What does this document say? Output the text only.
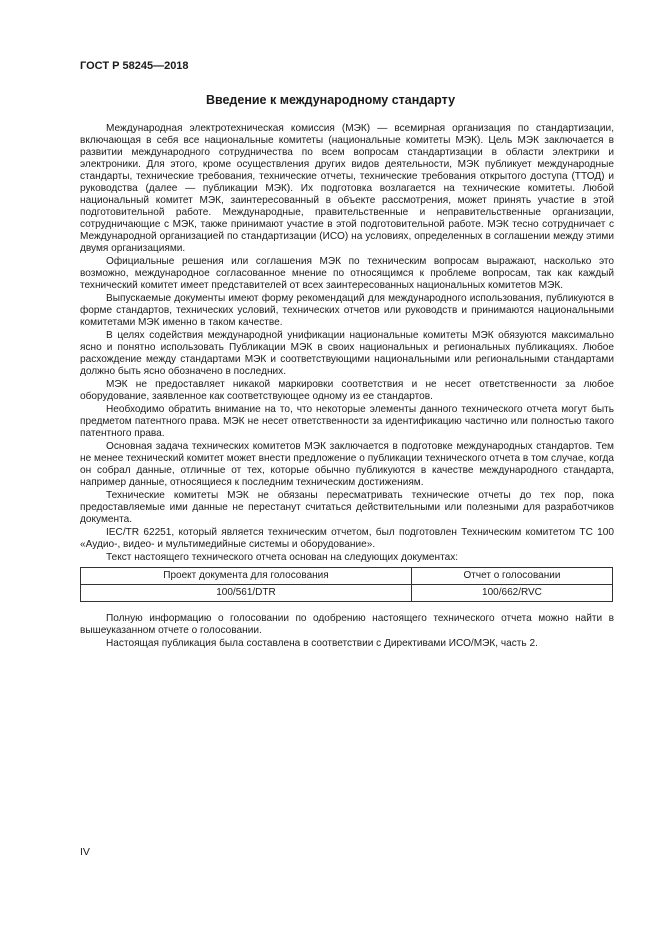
ГОСТ Р 58245—2018
Введение к международному стандарту

Международная электротехническая комиссия (МЭК) — всемирная организация по стандартизации, включающая в себя все национальные комитеты (национальные комитеты МЭК). Цель МЭК заключается в развитии международного сотрудничества по всем вопросам стандартизации в области электрики и электроники. Для этого, кроме осуществления других видов деятельности, МЭК публикует международные стандарты, технические требования, технические отчеты, технические требования открытого доступа (ТТОД) и руководства (далее — публикации МЭК). Их подготовка возлагается на технические комитеты. Любой национальный комитет МЭК, заинтересованный в объекте рассмотрения, может принять участие в этой подготовительной работе. Международные, правительственные и неправительственные организации, сотрудничающие с МЭК, также принимают участие в этой подготовительной работе. МЭК тесно сотрудничает с Международной организацией по стандартизации (ИСО) на условиях, определенных в соглашении между этими двумя организациями.

Официальные решения или соглашения МЭК по техническим вопросам выражают, насколько это возможно, международное согласованное мнение по относящимся к проблеме вопросам, так как каждый технический комитет имеет представителей от всех заинтересованных национальных комитетов МЭК.

Выпускаемые документы имеют форму рекомендаций для международного использования, публикуются в форме стандартов, технических условий, технических отчетов или руководств и принимаются национальными комитетами МЭК именно в таком качестве.

В целях содействия международной унификации национальные комитеты МЭК обязуются максимально ясно и понятно использовать Публикации МЭК в своих национальных и региональных публикациях. Любое расхождение между стандартами МЭК и соответствующими национальными или региональными стандартами должно быть ясно обозначено в последних.

МЭК не предоставляет никакой маркировки соответствия и не несет ответственности за любое оборудование, заявленное как соответствующее одному из ее стандартов.

Необходимо обратить внимание на то, что некоторые элементы данного технического отчета могут быть предметом патентного права. МЭК не несет ответственности за идентификацию частично или полностью такого патентного права.

Основная задача технических комитетов МЭК заключается в подготовке международных стандартов. Тем не менее технический комитет может внести предложение о публикации технического отчета в том случае, когда он собрал данные, отличные от тех, которые обычно публикуются в качестве международного стандарта, например данные, относящиеся к последним техническим достижениям.

Технические комитеты МЭК не обязаны пересматривать технические отчеты до тех пор, пока предоставляемые ими данные не перестанут считаться действительными или полезными для разработчиков документа.

IEC/TR 62251, который является техническим отчетом, был подготовлен Техническим комитетом ТС 100 «Аудио-, видео- и мультимедийные системы и оборудование».

Текст настоящего технического отчета основан на следующих документах:

Проект документа для голосования	Отчет о голосовании
100/561/DTR	100/662/RVC

Полную информацию о голосовании по одобрению настоящего технического отчета можно найти в вышеуказанном отчете о голосовании.

Настоящая публикация была составлена в соответствии с Директивами ИСО/МЭК, часть 2.

IV
